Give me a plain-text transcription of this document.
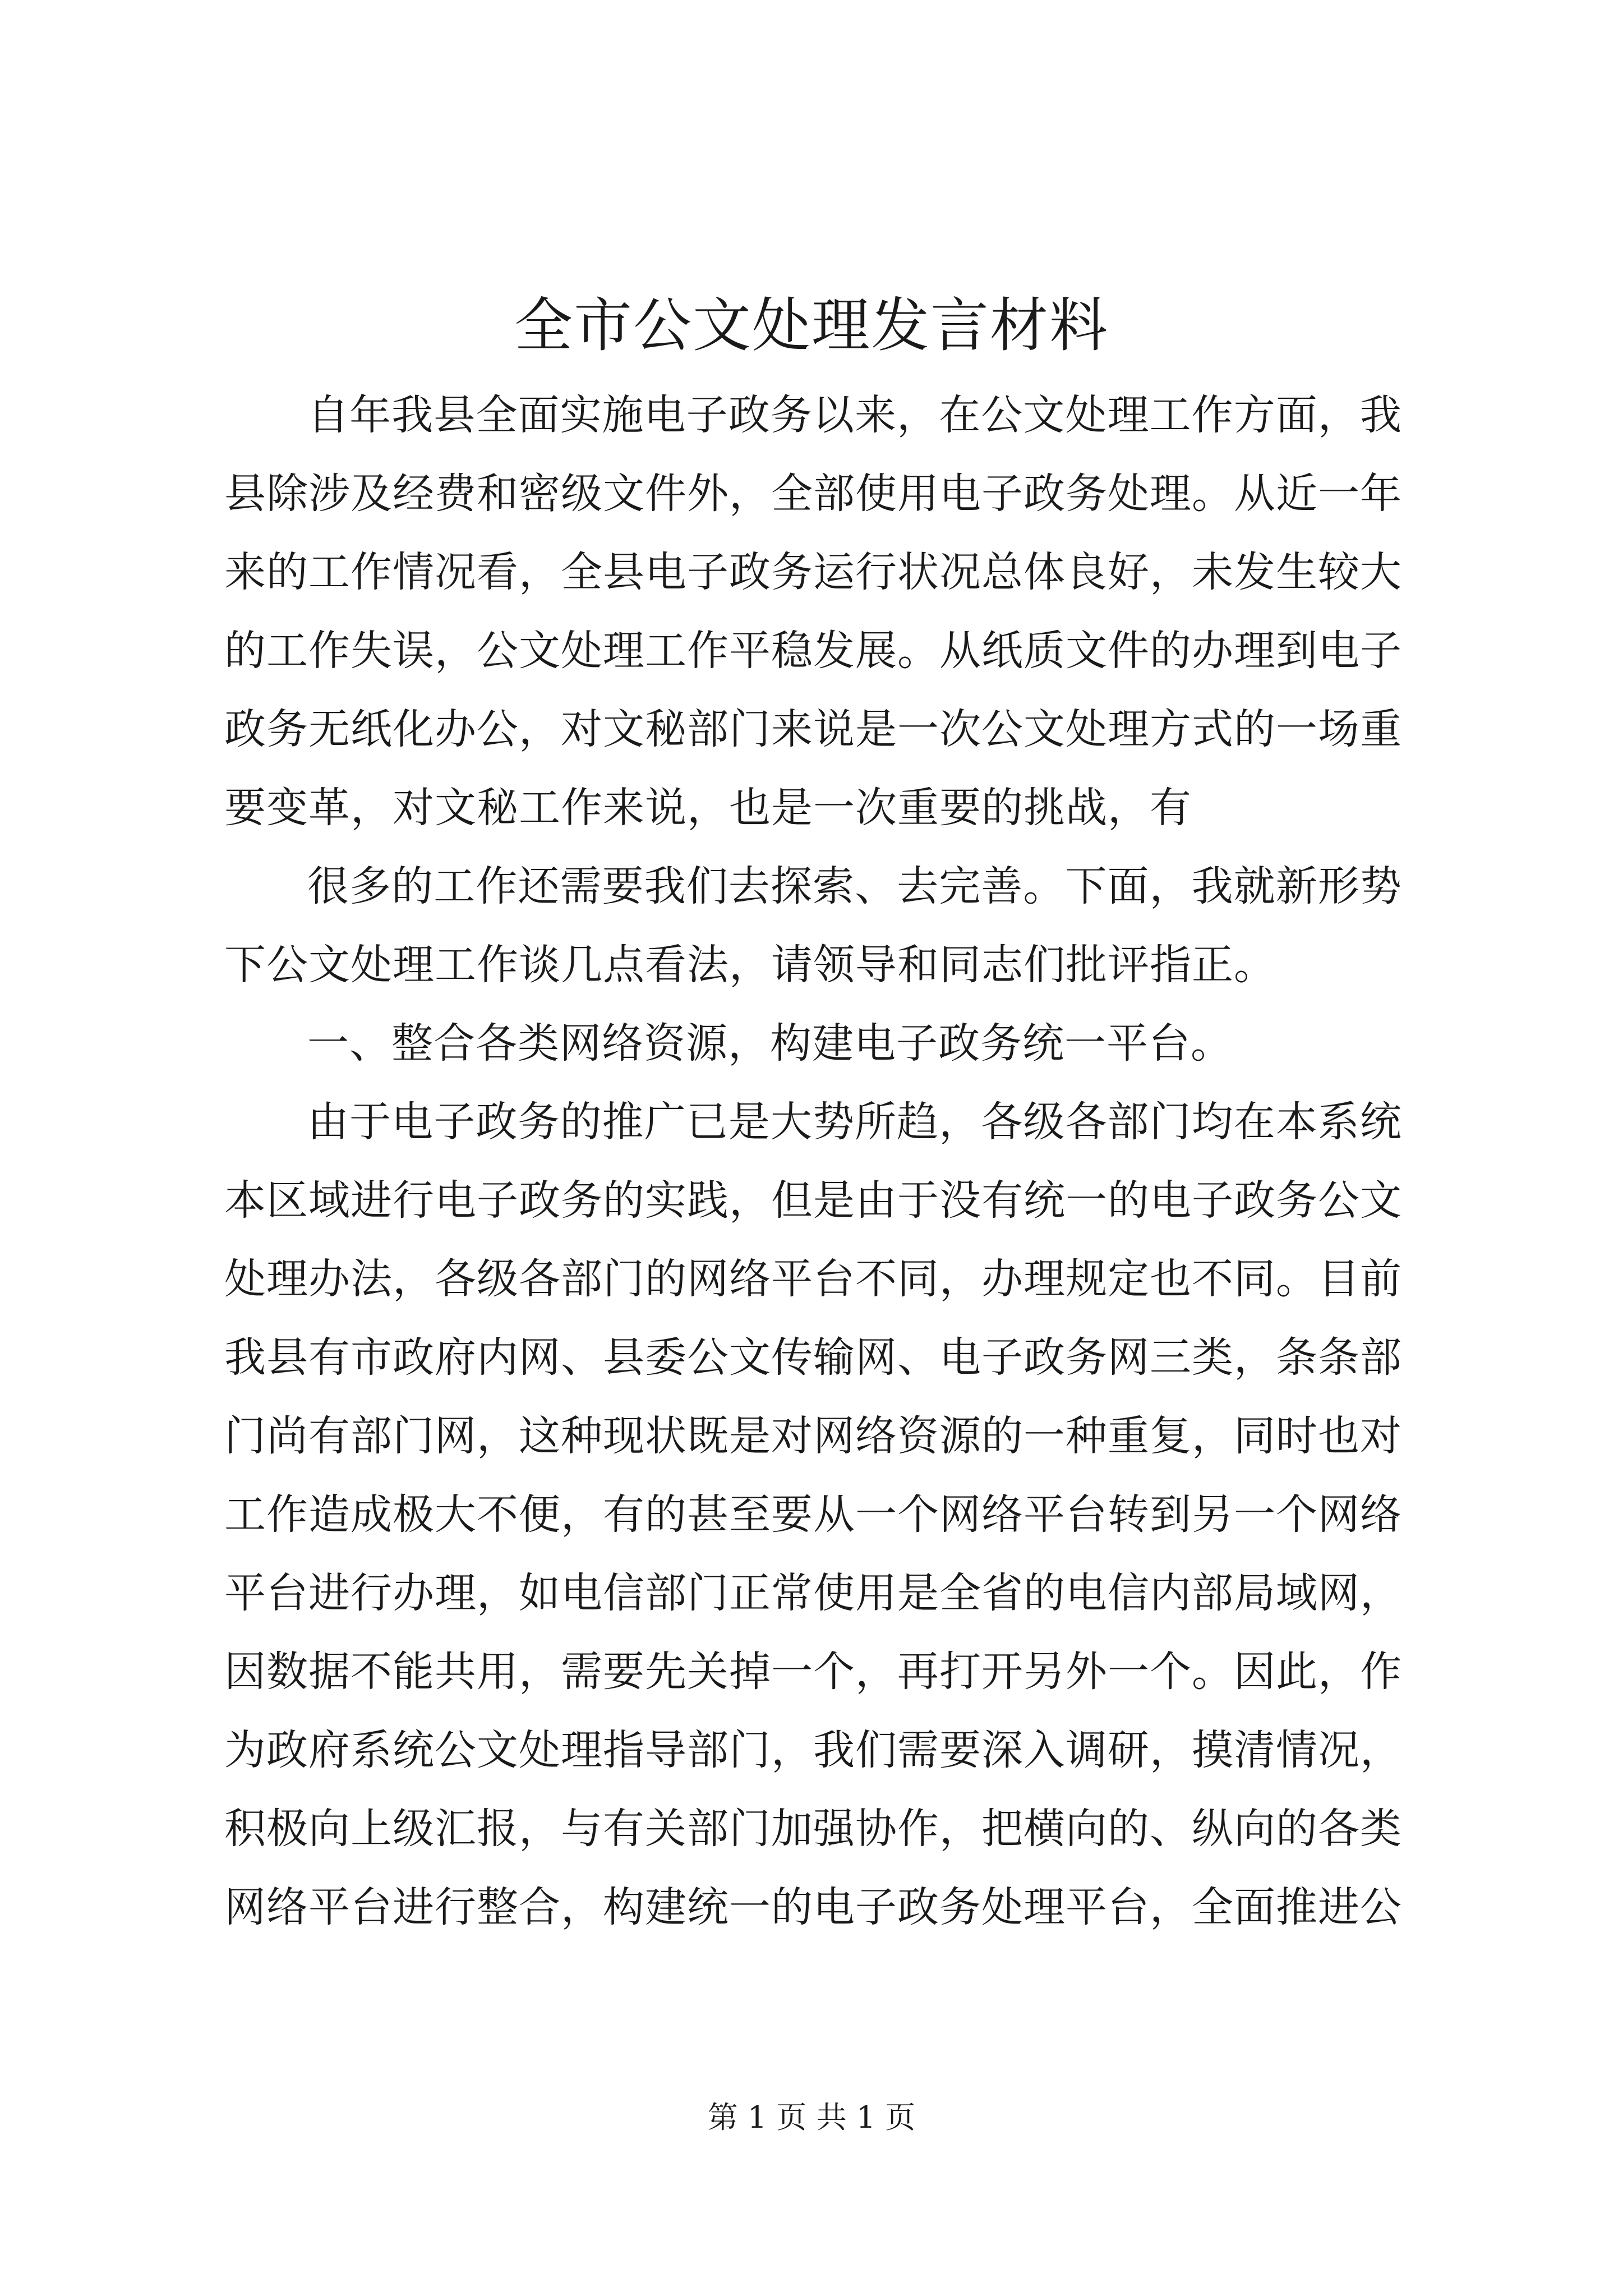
全市公文处理发言材料

自年我县全面实施电子政务以来，在公文处理工作方面，我县除涉及经费和密级文件外，全部使用电子政务处理。从近一年来的工作情况看，全县电子政务运行状况总体良好，未发生较大的工作失误，公文处理工作平稳发展。从纸质文件的办理到电子政务无纸化办公，对文秘部门来说是一次公文处理方式的一场重要变革，对文秘工作来说，也是一次重要的挑战，有

很多的工作还需要我们去探索、去完善。下面，我就新形势下公文处理工作谈几点看法，请领导和同志们批评指正。

一、整合各类网络资源，构建电子政务统一平台。

由于电子政务的推广已是大势所趋，各级各部门均在本系统本区域进行电子政务的实践，但是由于没有统一的电子政务公文处理办法，各级各部门的网络平台不同，办理规定也不同。目前我县有市政府内网、县委公文传输网、电子政务网三类，条条部门尚有部门网，这种现状既是对网络资源的一种重复，同时也对工作造成极大不便，有的甚至要从一个网络平台转到另一个网络平台进行办理，如电信部门正常使用是全省的电信内部局域网，因数据不能共用，需要先关掉一个，再打开另外一个。因此，作为政府系统公文处理指导部门，我们需要深入调研，摸清情况，积极向上级汇报，与有关部门加强协作，把横向的、纵向的各类网络平台进行整合，构建统一的电子政务处理平台，全面推进公

第 1 页 共 1 页
